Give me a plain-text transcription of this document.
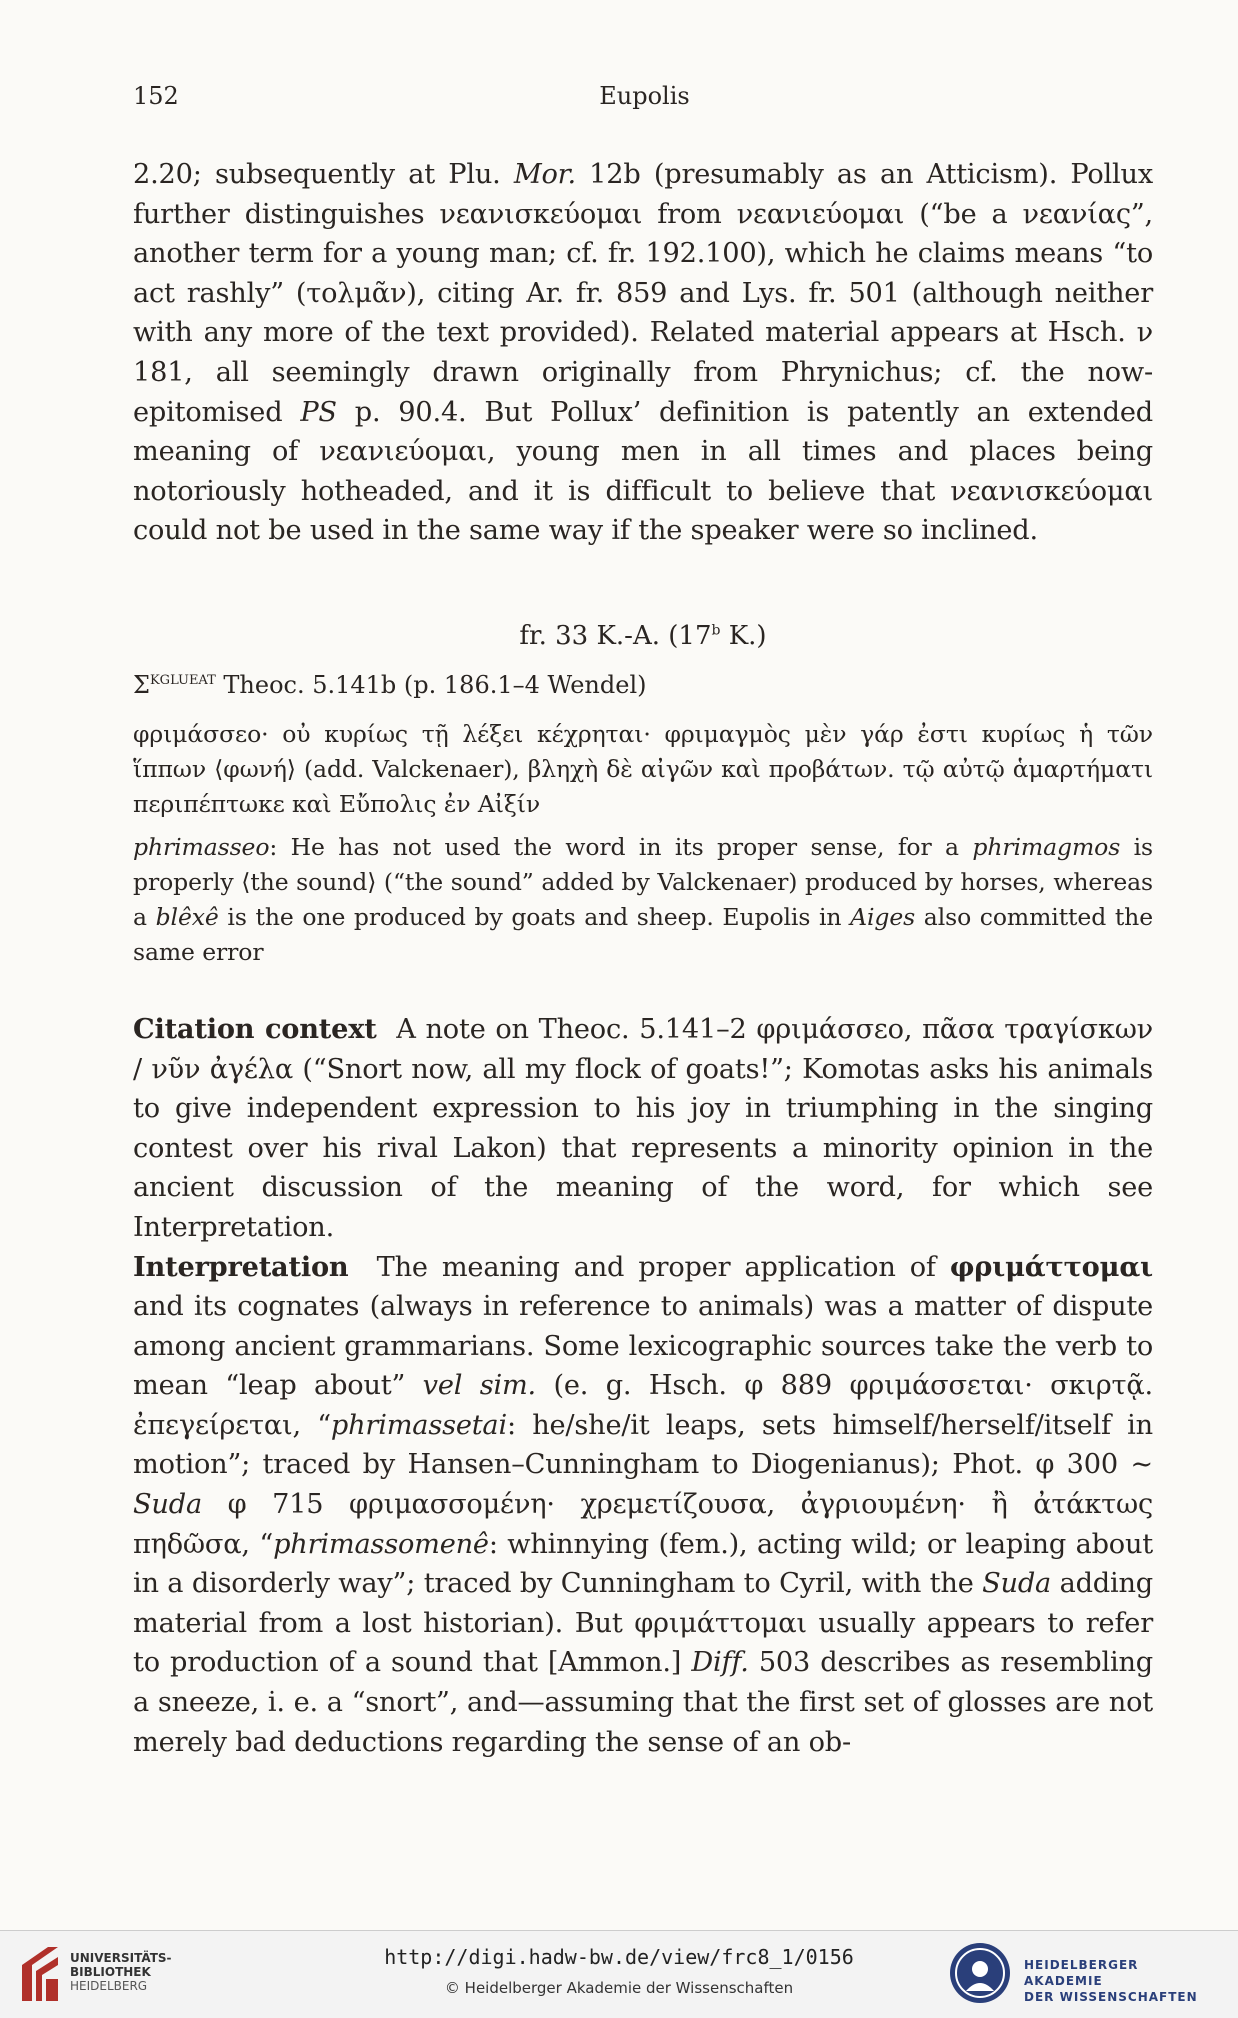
152	Eupolis

2.20; subsequently at Plu. Mor. 12b (presumably as an Atticism). Pollux further distinguishes νεανισκεύομαι from νεανιεύομαι (“be a νεανίας”, another term for a young man; cf. fr. 192.100), which he claims means “to act rashly” (τολμᾶν), citing Ar. fr. 859 and Lys. fr. 501 (although neither with any more of the text provided). Related material appears at Hsch. ν 181, all seemingly drawn originally from Phrynichus; cf. the now-epitomised PS p. 90.4. But Pollux’ definition is patently an extended meaning of νεανιεύομαι, young men in all times and places being notoriously hotheaded, and it is difficult to believe that νεανισκεύομαι could not be used in the same way if the speaker were so inclined.

fr. 33 K.-A. (17$^b$ K.)
$\Sigma^{KGLUEAT}$ Theoc. 5.141b (p. 186.1–4 Wendel)

φριμάσσεο· οὐ κυρίως τῇ λέξει κέχρηται· φριμαγμὸς μὲν γάρ ἐστι κυρίως ἡ τῶν ἵππων ⟨φωνή⟩ (add. Valckenaer), βληχὴ δὲ αἰγῶν καὶ προβάτων. τῷ αὐτῷ ἁμαρτήματι περιπέπτωκε καὶ Εὔπολις ἐν Αἰξίν

phrimasseo: He has not used the word in its proper sense, for a phrimagmos is properly ⟨the sound⟩ (“the sound” added by Valckenaer) produced by horses, whereas a blêxê is the one produced by goats and sheep. Eupolis in Aiges also committed the same error

Citation context  A note on Theoc. 5.141–2 φριμάσσεο, πᾶσα τραγίσκων / νῦν ἀγέλα (“Snort now, all my flock of goats!”; Komotas asks his animals to give independent expression to his joy in triumphing in the singing contest over his rival Lakon) that represents a minority opinion in the ancient discussion of the meaning of the word, for which see Interpretation.

Interpretation  The meaning and proper application of φριμάττομαι and its cognates (always in reference to animals) was a matter of dispute among ancient grammarians. Some lexicographic sources take the verb to mean “leap about” vel sim. (e. g. Hsch. φ 889 φριμάσσεται· σκιρτᾷ. ἐπεγείρεται, “phrimassetai: he/she/it leaps, sets himself/herself/itself in motion”; traced by Hansen–Cunningham to Diogenianus); Phot. φ 300 ~ Suda φ 715 φριμασσομένη· χρεμετίζουσα, ἀγριουμένη· ἢ ἀτάκτως πηδῶσα, “phrimassomenê: whinnying (fem.), acting wild; or leaping about in a disorderly way”; traced by Cunningham to Cyril, with the Suda adding material from a lost historian). But φριμάττομαι usually appears to refer to production of a sound that [Ammon.] Diff. 503 describes as resembling a sneeze, i. e. a “snort”, and—assuming that the first set of glosses are not merely bad deductions regarding the sense of an ob-

UNIVERSITÄTS-
BIBLIOTHEK
HEIDELBERG
http://digi.hadw-bw.de/view/frc8_1/0156
© Heidelberger Akademie der Wissenschaften
HEIDELBERGER AKADEMIE
DER WISSENSCHAFTEN
